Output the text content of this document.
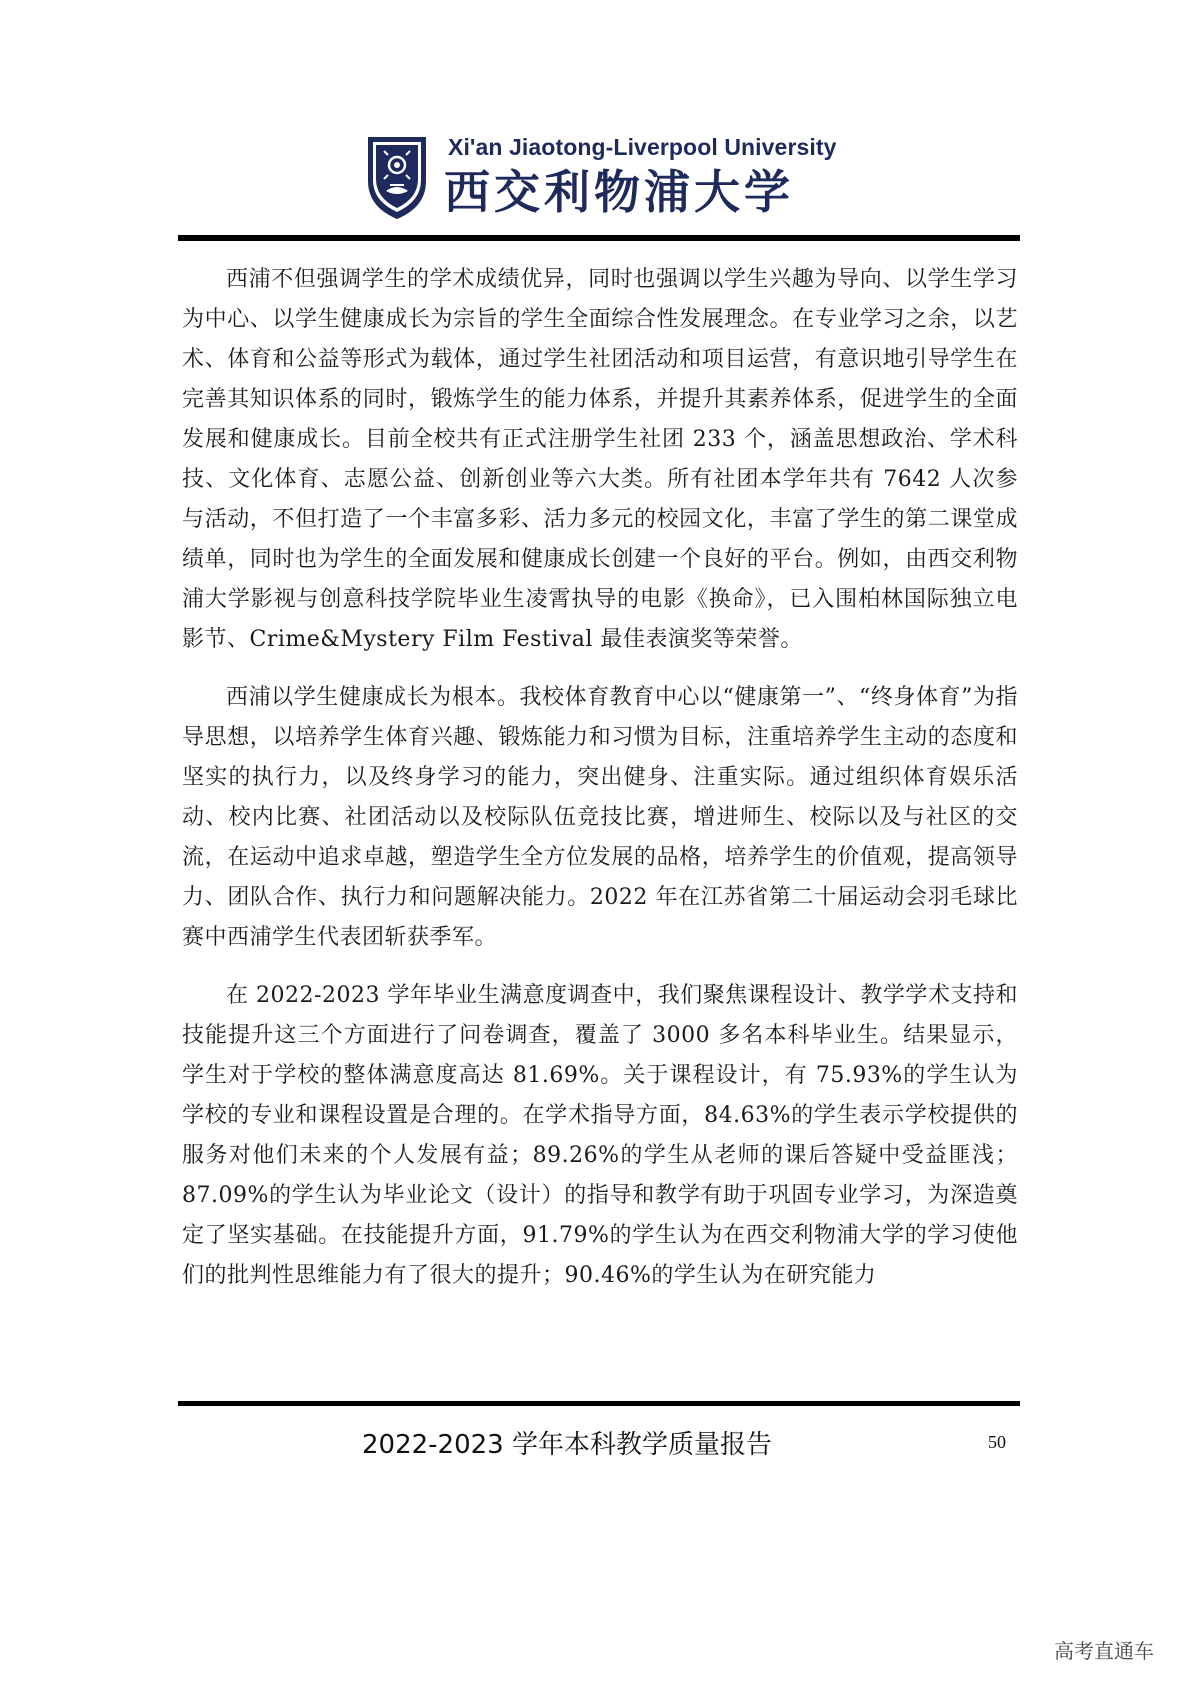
Xi'an Jiaotong-Liverpool University
西交利物浦大学

西浦不但强调学生的学术成绩优异，同时也强调以学生兴趣为导向、以学生学习为中心、以学生健康成长为宗旨的学生全面综合性发展理念。在专业学习之余，以艺术、体育和公益等形式为载体，通过学生社团活动和项目运营，有意识地引导学生在完善其知识体系的同时，锻炼学生的能力体系，并提升其素养体系，促进学生的全面发展和健康成长。目前全校共有正式注册学生社团 233 个，涵盖思想政治、学术科技、文化体育、志愿公益、创新创业等六大类。所有社团本学年共有 7642 人次参与活动，不但打造了一个丰富多彩、活力多元的校园文化，丰富了学生的第二课堂成绩单，同时也为学生的全面发展和健康成长创建一个良好的平台。例如，由西交利物浦大学影视与创意科技学院毕业生凌霄执导的电影《换命》，已入围柏林国际独立电影节、Crime&Mystery Film Festival 最佳表演奖等荣誉。

西浦以学生健康成长为根本。我校体育教育中心以“健康第一”、“终身体育”为指导思想，以培养学生体育兴趣、锻炼能力和习惯为目标，注重培养学生主动的态度和坚实的执行力，以及终身学习的能力，突出健身、注重实际。通过组织体育娱乐活动、校内比赛、社团活动以及校际队伍竞技比赛，增进师生、校际以及与社区的交流，在运动中追求卓越，塑造学生全方位发展的品格，培养学生的价值观，提高领导力、团队合作、执行力和问题解决能力。2022 年在江苏省第二十届运动会羽毛球比赛中西浦学生代表团斩获季军。

在 2022-2023 学年毕业生满意度调查中，我们聚焦课程设计、教学学术支持和技能提升这三个方面进行了问卷调查，覆盖了 3000 多名本科毕业生。结果显示，学生对于学校的整体满意度高达 81.69%。关于课程设计，有 75.93%的学生认为学校的专业和课程设置是合理的。在学术指导方面，84.63%的学生表示学校提供的服务对他们未来的个人发展有益；89.26%的学生从老师的课后答疑中受益匪浅；87.09%的学生认为毕业论文（设计）的指导和教学有助于巩固专业学习，为深造奠定了坚实基础。在技能提升方面，91.79%的学生认为在西交利物浦大学的学习使他们的批判性思维能力有了很大的提升；90.46%的学生认为在研究能力

2022-2023 学年本科教学质量报告	50
高考直通车
